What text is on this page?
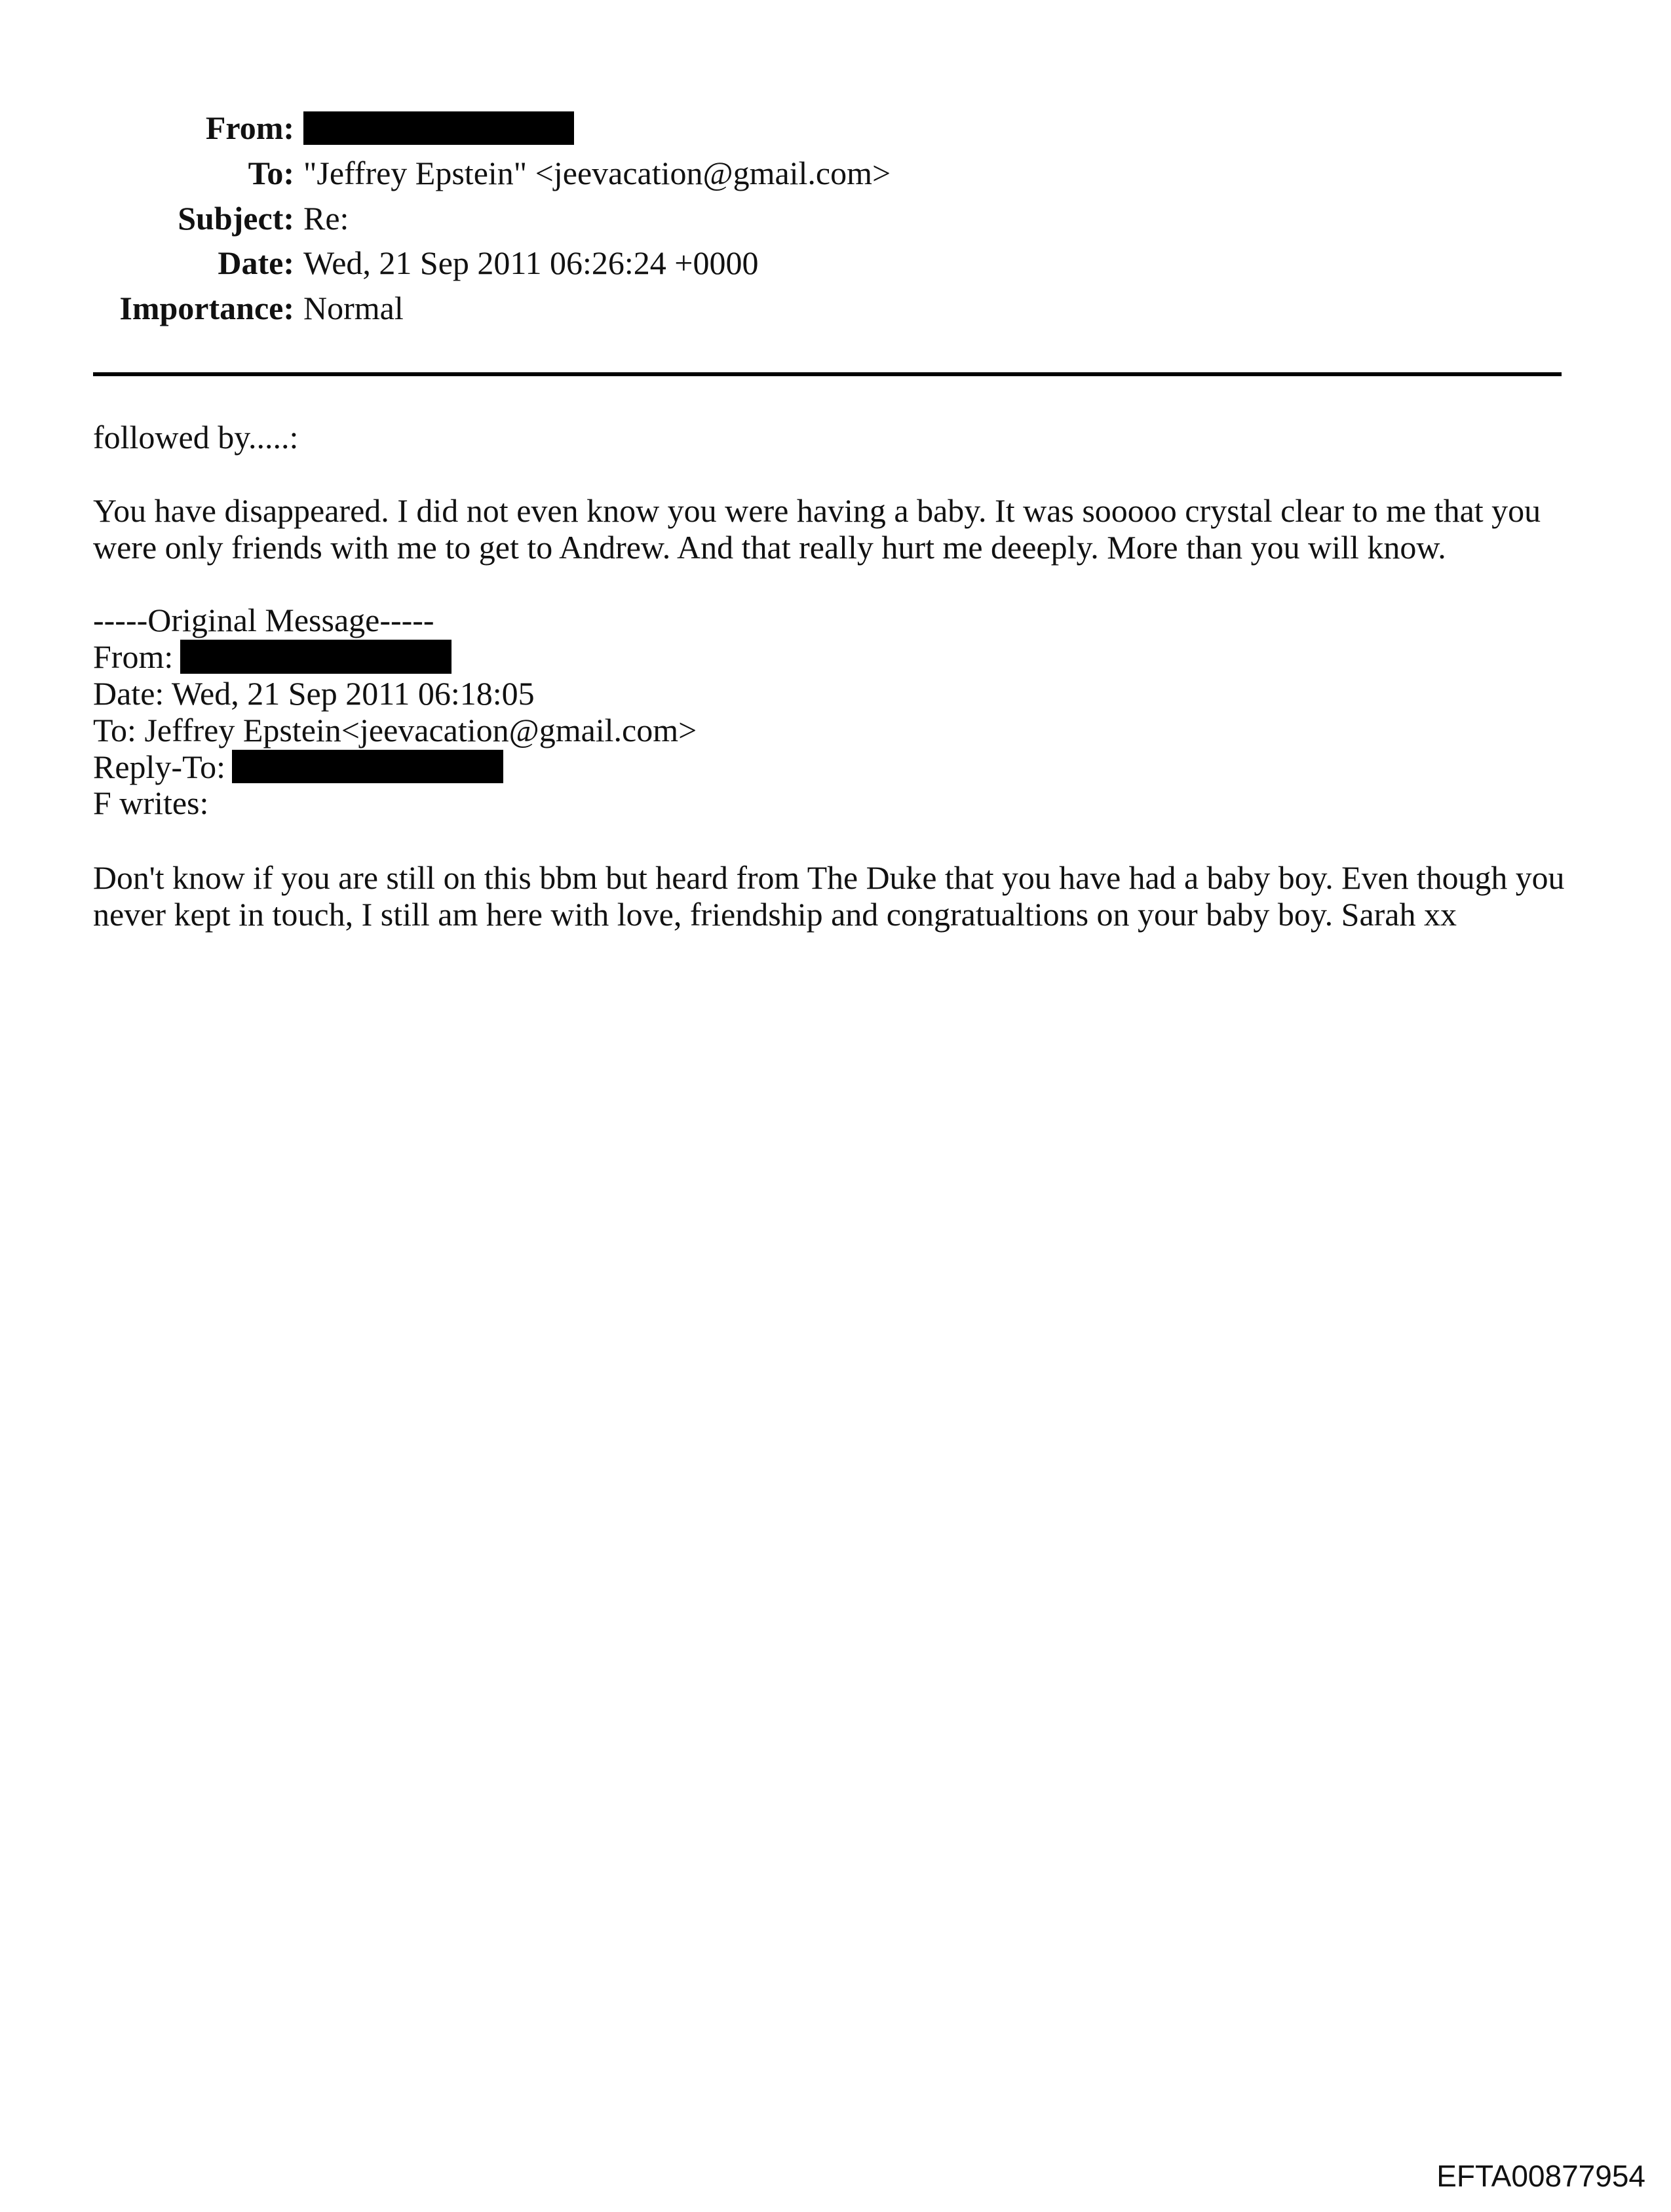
From:
To: "Jeffrey Epstein" <jeevacation@gmail.com>
Subject: Re:
Date: Wed, 21 Sep 2011 06:26:24 +0000
Importance: Normal
followed by.....:
You have disappeared. I did not even know you were having a baby. It was sooooo crystal clear to me that you
were only friends with me to get to Andrew. And that really hurt me deeeply. More than you will know.
-----Original Message-----
From:
Date: Wed, 21 Sep 2011 06:18:05
To: Jeffrey Epstein<jeevacation@gmail.com>
Reply-To:
F writes:
Don't know if you are still on this bbm but heard from The Duke that you have had a baby boy. Even though you
never kept in touch, I still am here with love, friendship and congratualtions on your baby boy. Sarah xx
EFTA00877954
